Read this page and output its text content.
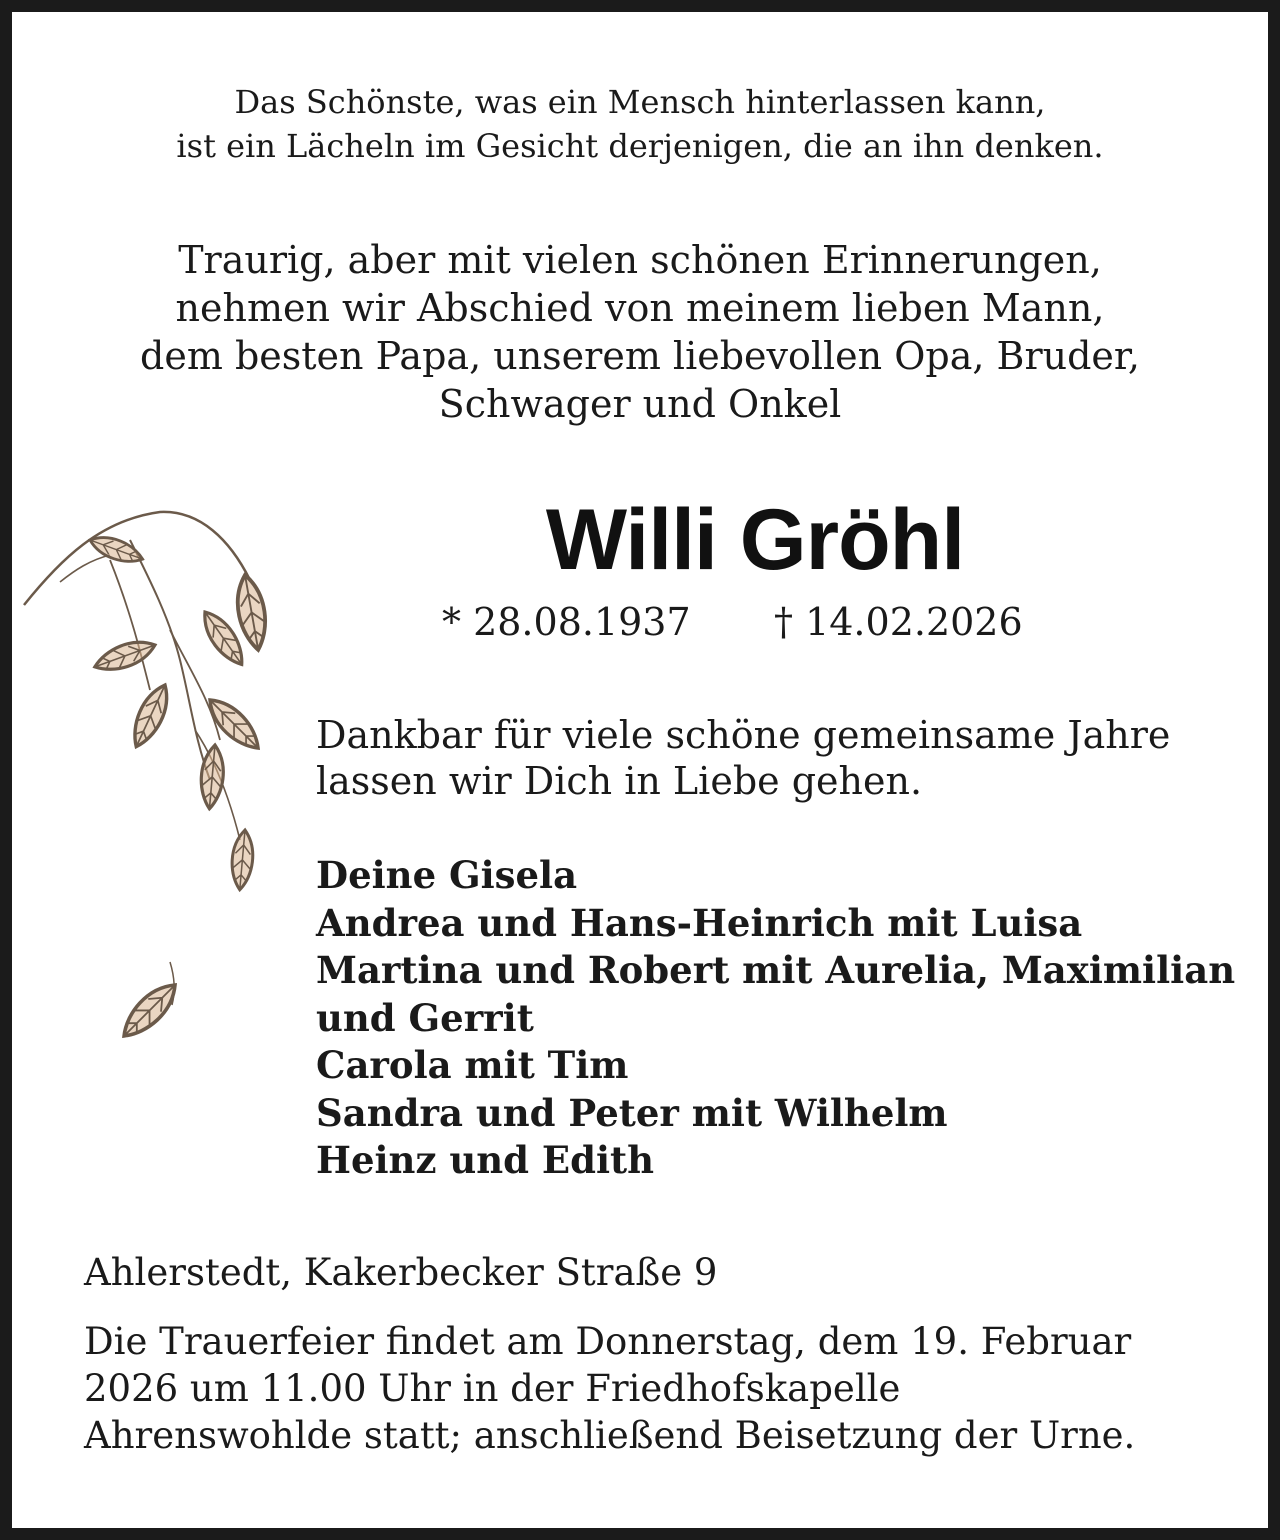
Das Schönste, was ein Mensch hinterlassen kann,
ist ein Lächeln im Gesicht derjenigen, die an ihn denken.
Traurig, aber mit vielen schönen Erinnerungen,
nehmen wir Abschied von meinem lieben Mann,
dem besten Papa, unserem liebevollen Opa, Bruder,
Schwager und Onkel
Willi Gröhl
* 28.08.1937 † 14.02.2026
Dankbar für viele schöne gemeinsame Jahre
lassen wir Dich in Liebe gehen.
Deine Gisela
Andrea und Hans-Heinrich mit Luisa
Martina und Robert mit Aurelia, Maximilian
und Gerrit
Carola mit Tim
Sandra und Peter mit Wilhelm
Heinz und Edith
Ahlerstedt, Kakerbecker Straße 9
Die Trauerfeier findet am Donnerstag, dem 19. Februar
2026 um 11.00 Uhr in der Friedhofskapelle
Ahrenswohlde statt; anschließend Beisetzung der Urne.
